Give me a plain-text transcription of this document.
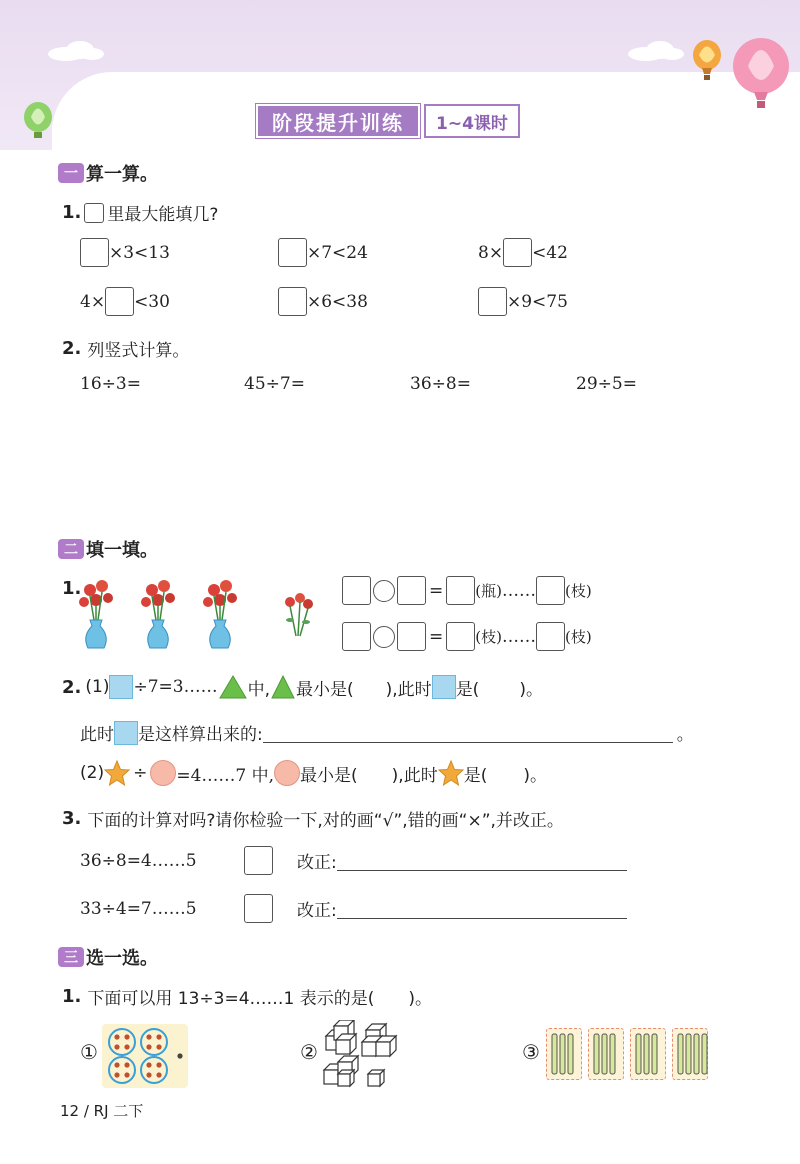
阶段提升训练	1~4课时
一 算一算。
1. 里最大能填几?
×3<13	×7<24	8× <42
4× <30	×6<38	×9<75
2. 列竖式计算。
16÷3=	45÷7=	36÷8=	29÷5=
二 填一填。
1.	= (瓶) …… (枝)
= (枝) …… (枝)
2. (1) ÷7=3…… 中, 最小是( ),此时 是( )。
此时 是这样算出来的:	。
(2) ÷ =4……7 中, 最小是( ),此时 是( )。
3. 下面的计算对吗?请你检验一下,对的画“√”,错的画“×”,并改正。
36÷8=4……5	改正:
33÷4=7……5	改正:
三 选一选。
1. 下面可以用 13÷3=4……1 表示的是( )。
①	②	③
12 / RJ 二下
